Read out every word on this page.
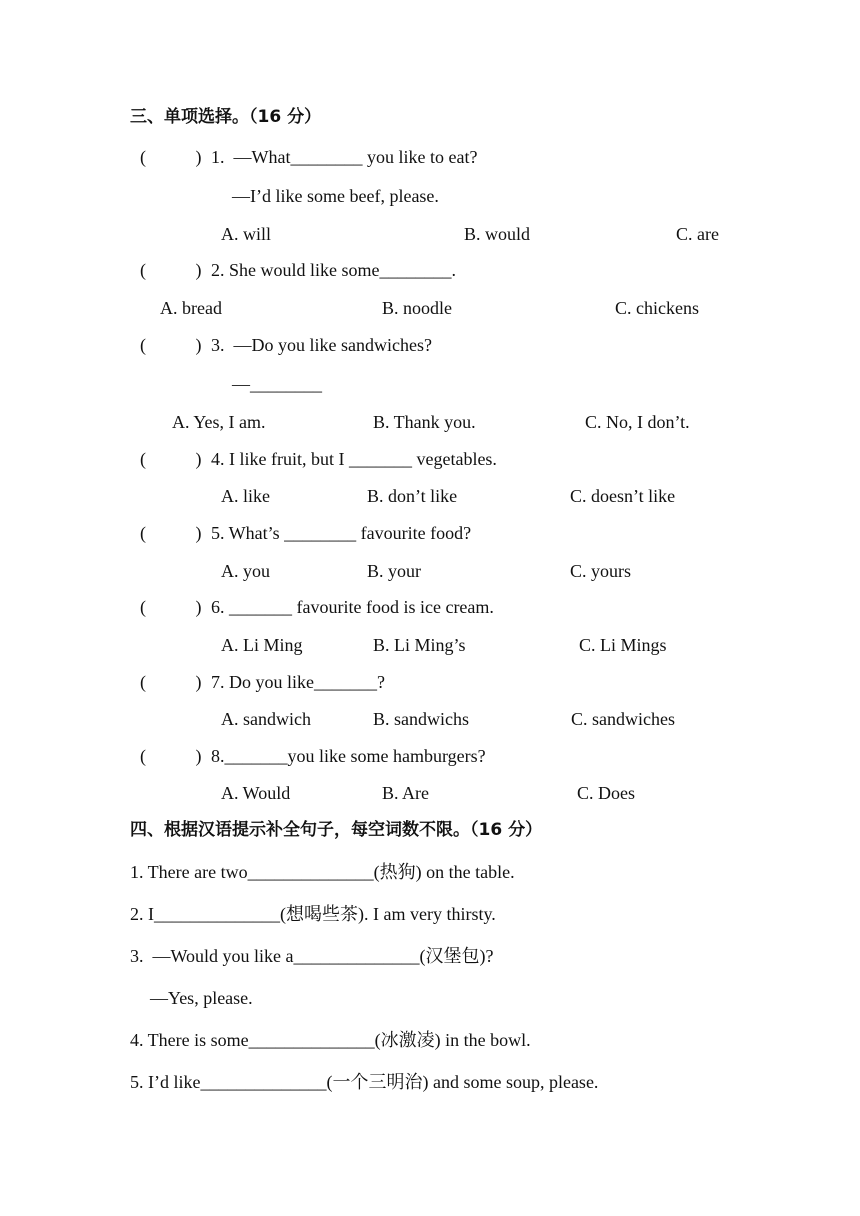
三、单项选择。（16 分）
(           ) 1.  —What________ you like to eat?
—I’d like some beef, please.
A. will	B. would	C. are
(           ) 2. She would like some________.
A. bread	B. noodle	C. chickens
(           ) 3.  —Do you like sandwiches?
—________
A. Yes, I am.	B. Thank you.	C. No, I don’t.
(           ) 4. I like fruit, but I _______ vegetables.
A. like	B. don’t like	C. doesn’t like
(           ) 5. What’s ________ favourite food?
A. you	B. your	C. yours
(           ) 6. _______ favourite food is ice cream.
A. Li Ming	B. Li Ming’s	C. Li Mings
(           ) 7. Do you like_______?
A. sandwich	B. sandwichs	C. sandwiches
(           ) 8._______you like some hamburgers?
A. Would	B. Are	C. Does
四、根据汉语提示补全句子，每空词数不限。（16 分）
1. There are two______________(热狗) on the table.
2. I______________(想喝些茶). I am very thirsty.
3.  —Would you like a______________(汉堡包)?
—Yes, please.
4. There is some______________(冰激凌) in the bowl.
5. I’d like______________(一个三明治) and some soup, please.
